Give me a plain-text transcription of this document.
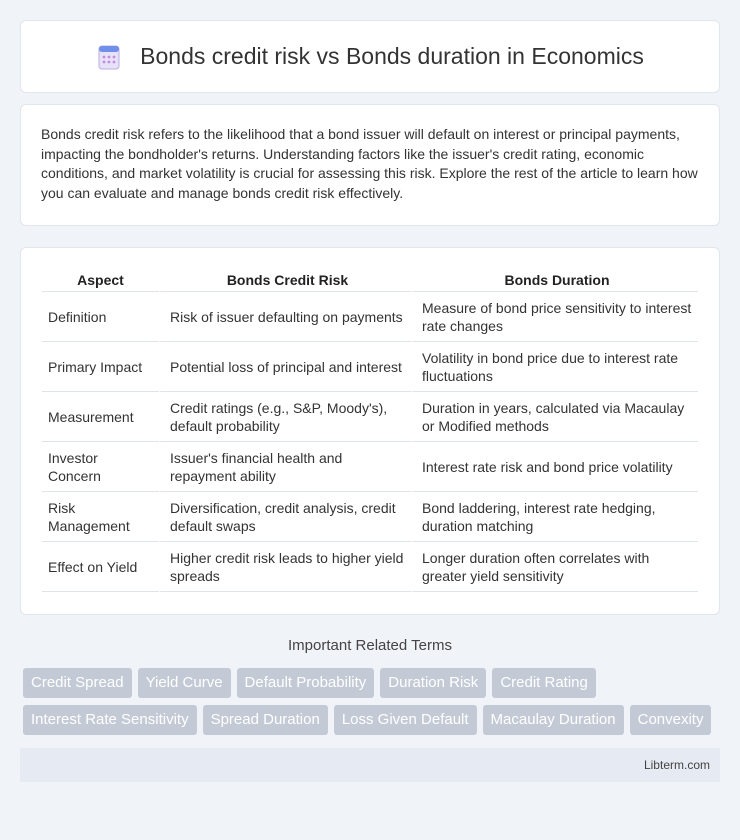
Bonds credit risk vs Bonds duration in Economics

Bonds credit risk refers to the likelihood that a bond issuer will default on interest or principal payments, impacting the bondholder's returns. Understanding factors like the issuer's credit rating, economic conditions, and market volatility is crucial for assessing this risk. Explore the rest of the article to learn how you can evaluate and manage bonds credit risk effectively.

Aspect	Bonds Credit Risk	Bonds Duration
Definition	Risk of issuer defaulting on payments	Measure of bond price sensitivity to interest rate changes
Primary Impact	Potential loss of principal and interest	Volatility in bond price due to interest rate fluctuations
Measurement	Credit ratings (e.g., S&P, Moody's), default probability	Duration in years, calculated via Macaulay or Modified methods
Investor Concern	Issuer's financial health and repayment ability	Interest rate risk and bond price volatility
Risk Management	Diversification, credit analysis, credit default swaps	Bond laddering, interest rate hedging, duration matching
Effect on Yield	Higher credit risk leads to higher yield spreads	Longer duration often correlates with greater yield sensitivity
Important Related Terms
Credit Spread	Yield Curve	Default Probability	Duration Risk	Credit Rating
Interest Rate Sensitivity	Spread Duration	Loss Given Default	Macaulay Duration	Convexity
Libterm.com
